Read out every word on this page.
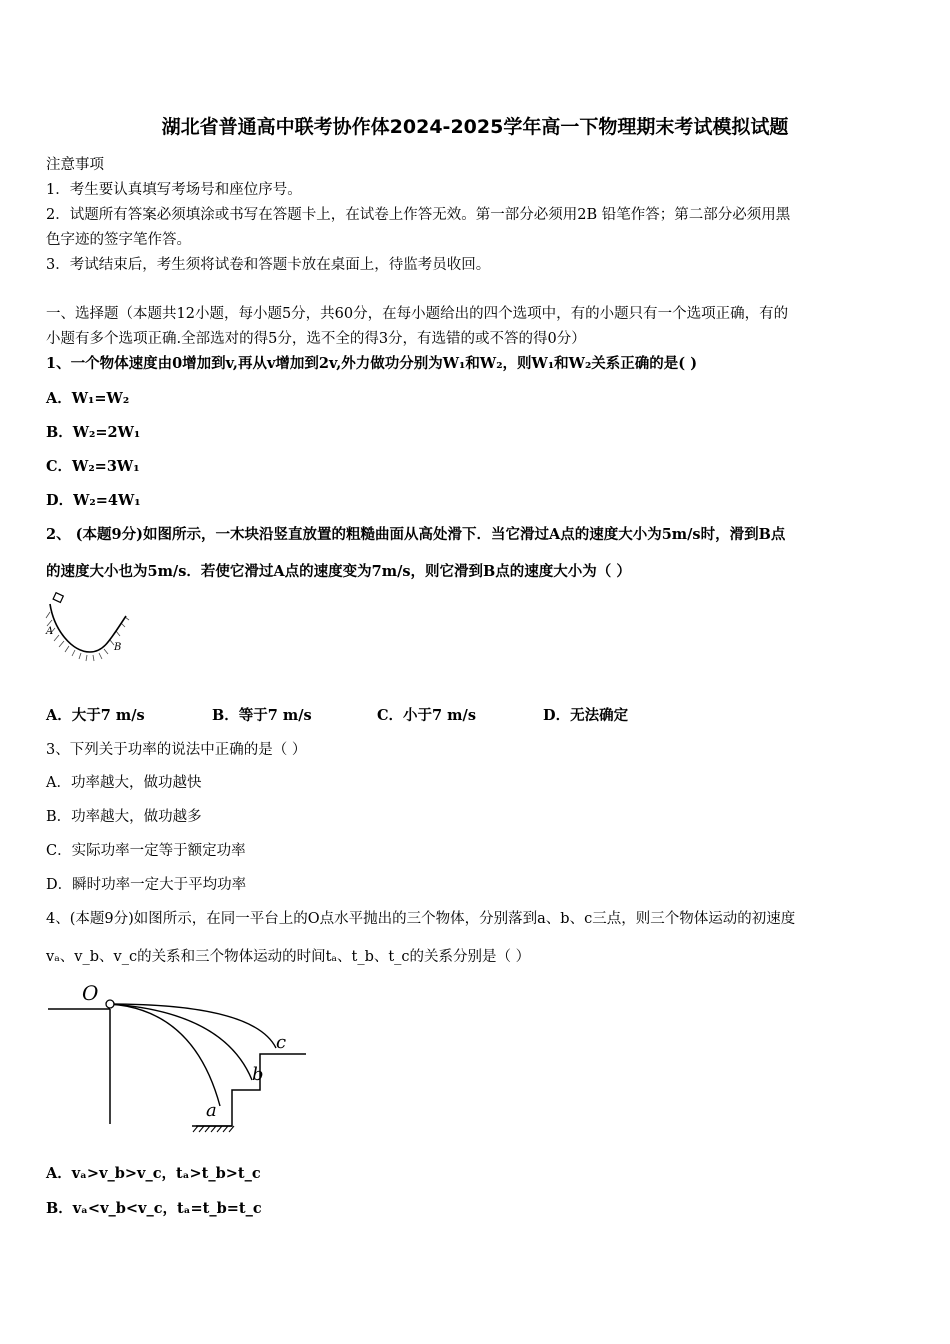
湖北省普通高中联考协作体2024-2025学年高一下物理期末考试模拟试题
注意事项
1．考生要认真填写考场号和座位序号。
2．试题所有答案必须填涂或书写在答题卡上，在试卷上作答无效。第一部分必须用2B 铅笔作答；第二部分必须用黑
色字迹的签字笔作答。
3．考试结束后，考生须将试卷和答题卡放在桌面上，待监考员收回。
一、选择题（本题共12小题，每小题5分，共60分，在每小题给出的四个选项中，有的小题只有一个选项正确，有的
小题有多个选项正确.全部选对的得5分，选不全的得3分，有选错的或不答的得0分）
1、一个物体速度由0增加到v,再从v增加到2v,外力做功分别为W₁和W₂，则W₁和W₂关系正确的是( )
A．W₁=W₂
B．W₂=2W₁
C．W₂=3W₁
D．W₂=4W₁
2、 (本题9分)如图所示，一木块沿竖直放置的粗糙曲面从高处滑下．当它滑过A点的速度大小为5m/s时，滑到B点
的速度大小也为5m/s．若使它滑过A点的速度变为7m/s，则它滑到B点的速度大小为（ ）
A
B
A．大于7 m/s	B．等于7 m/s	C．小于7 m/s	D．无法确定
3、下列关于功率的说法中正确的是（ ）
A．功率越大，做功越快
B．功率越大，做功越多
C．实际功率一定等于额定功率
D．瞬时功率一定大于平均功率
4、(本题9分)如图所示，在同一平台上的O点水平抛出的三个物体，分别落到a、b、c三点，则三个物体运动的初速度
vₐ、v_b、v_c的关系和三个物体运动的时间tₐ、t_b、t_c的关系分别是（ ）
O
a
b
c
A．vₐ>v_b>v_c，tₐ>t_b>t_c
B．vₐ<v_b<v_c，tₐ=t_b=t_c
